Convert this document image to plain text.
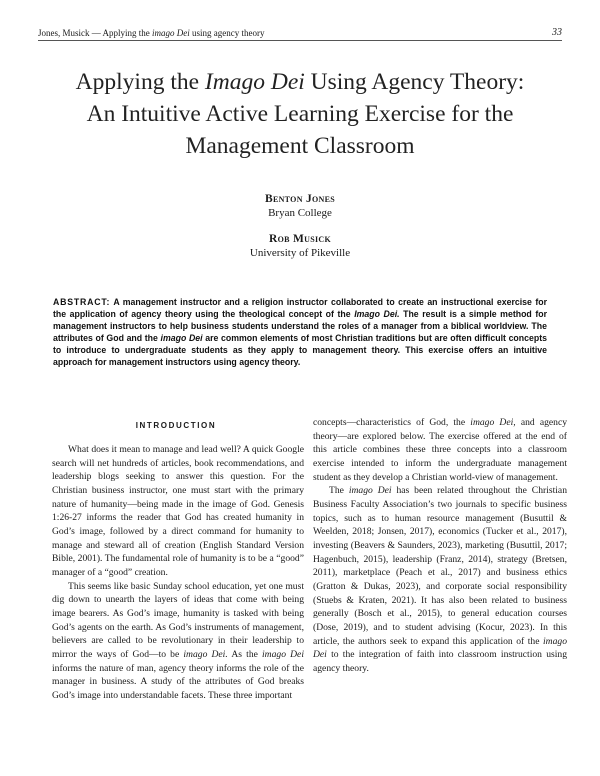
Jones, Musick — Applying the imago Dei using agency theory	33
Applying the Imago Dei Using Agency Theory:
An Intuitive Active Learning Exercise for the
Management Classroom
Benton Jones
Bryan College
Rob Musick
University of Pikeville
ABSTRACT: A management instructor and a religion instructor collaborated to create an instructional exercise for the application of agency theory using the theological concept of the Imago Dei. The result is a simple method for management instructors to help business students understand the roles of a manager from a biblical worldview. The attributes of God and the imago Dei are common elements of most Christian traditions but are often difficult concepts to introduce to undergraduate students as they apply to management theory. This exercise offers an intuitive approach for management instructors using agency theory.
INTRODUCTION

What does it mean to manage and lead well? A quick Google search will net hundreds of articles, book recommendations, and leadership blogs seeking to answer this question. For the Christian business instructor, one must start with the primary nature of humanity—being made in the image of God. Genesis 1:26-27 informs the reader that God has created humanity in God’s image, followed by a direct command for humanity to manage and steward all of creation (English Standard Version Bible, 2001). The fundamental role of humanity is to be a “good” manager of a “good” creation.

This seems like basic Sunday school education, yet one must dig down to unearth the layers of ideas that come with being image bearers. As God’s image, humanity is tasked with being God’s agents on the earth. As God’s instruments of management, believers are called to be revolutionary in their leadership to mirror the ways of God—to be imago Dei. As the imago Dei informs the nature of man, agency theory informs the role of the manager in business. A study of the attributes of God breaks God’s image into understandable facets. These three important

concepts—characteristics of God, the imago Dei, and agency theory—are explored below. The exercise offered at the end of this article combines these three concepts into a classroom exercise intended to inform the undergraduate management student as they develop a Christian world-view of management.

The imago Dei has been related throughout the Christian Business Faculty Association’s two journals to specific business topics, such as to human resource management (Busuttil & Weelden, 2018; Jonsen, 2017), economics (Tucker et al., 2017), investing (Beavers & Saunders, 2023), marketing (Busuttil, 2017; Hagenbuch, 2015), leadership (Franz, 2014), strategy (Bretsen, 2011), marketplace (Peach et al., 2017) and business ethics (Gratton & Dukas, 2023), and corporate social responsibility (Stuebs & Kraten, 2021). It has also been related to business generally (Bosch et al., 2015), to general education courses (Dose, 2019), and to student advising (Kocur, 2023). In this article, the authors seek to expand this application of the imago Dei to the integration of faith into classroom instruction using agency theory.
